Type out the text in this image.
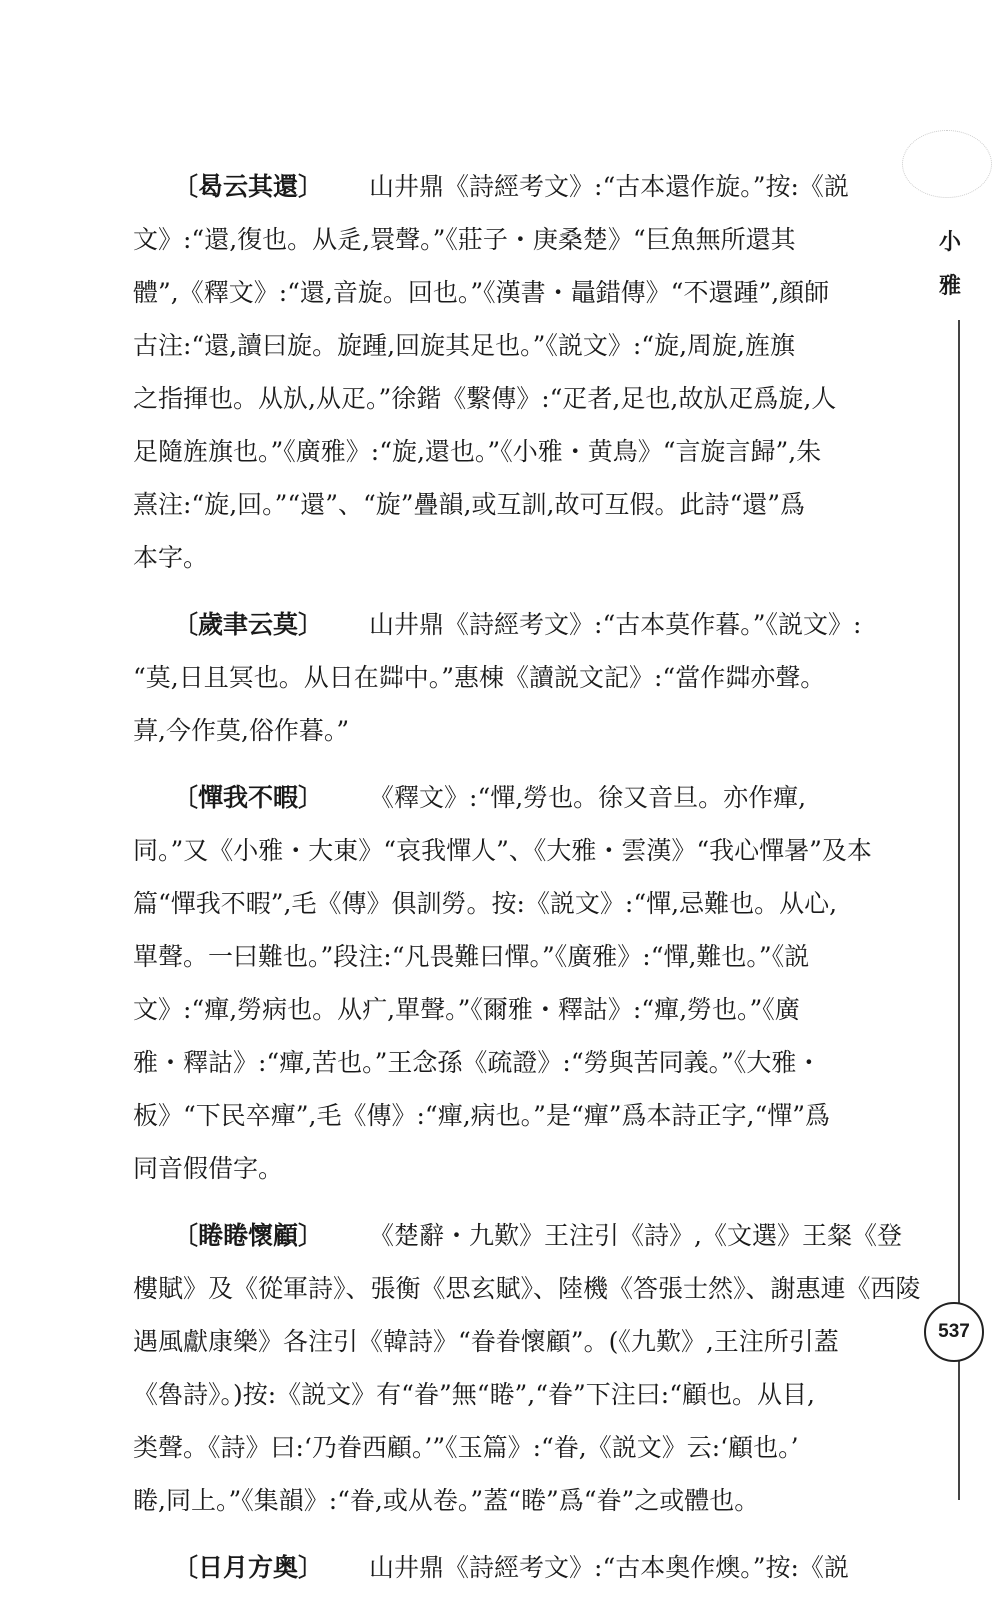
小
雅
〔曷云其還〕 山井鼎《詩經考文》:“古本還作旋。”按:《説
文》:“還,復也。从辵,睘聲。”《莊子・庚桑楚》“巨魚無所還其
體”,《釋文》:“還,音旋。回也。”《漢書・鼂錯傳》“不還踵”,顔師
古注:“還,讀曰旋。旋踵,回旋其足也。”《説文》:“旋,周旋,旌旗
之指揮也。从㫃,从疋。”徐鍇《繫傳》:“疋者,足也,故㫃疋爲旋,人
足隨旌旗也。”《廣雅》:“旋,還也。”《小雅・黄鳥》“言旋言歸”,朱
熹注:“旋,回。”“還”、“旋”疊韻,或互訓,故可互假。此詩“還”爲
本字。
〔歲聿云莫〕 山井鼎《詩經考文》:“古本莫作暮。”《説文》:
“莫,日且冥也。从日在茻中。”惠棟《讀説文記》:“當作茻亦聲。
萛,今作莫,俗作暮。”
〔憚我不暇〕 《釋文》:“憚,勞也。徐又音旦。亦作癉,
同。”又《小雅・大東》“哀我憚人”、《大雅・雲漢》“我心憚暑”及本
篇“憚我不暇”,毛《傳》俱訓勞。按:《説文》:“憚,忌難也。从心,
單聲。一曰難也。”段注:“凡畏難曰憚。”《廣雅》:“憚,難也。”《説
文》:“癉,勞病也。从疒,單聲。”《爾雅・釋詁》:“癉,勞也。”《廣
雅・釋詁》:“癉,苦也。”王念孫《疏證》:“勞與苦同義。”《大雅・
板》“下民卒癉”,毛《傳》:“癉,病也。”是“癉”爲本詩正字,“憚”爲
同音假借字。
〔睠睠懷顧〕 《楚辭・九歎》王注引《詩》,《文選》王粲《登
樓賦》及《從軍詩》、張衡《思玄賦》、陸機《答張士然》、謝惠連《西陵
遇風獻康樂》各注引《韓詩》“眷眷懷顧”。(《九歎》,王注所引蓋
《魯詩》。)按:《説文》有“眷”無“睠”,“眷”下注曰:“顧也。从目,
类聲。《詩》曰:‘乃眷西顧。’”《玉篇》:“眷,《説文》云:‘顧也。’
睠,同上。”《集韻》:“眷,或从卷。”蓋“睠”爲“眷”之或體也。
〔日月方奥〕 山井鼎《詩經考文》:“古本奥作燠。”按:《説
537
